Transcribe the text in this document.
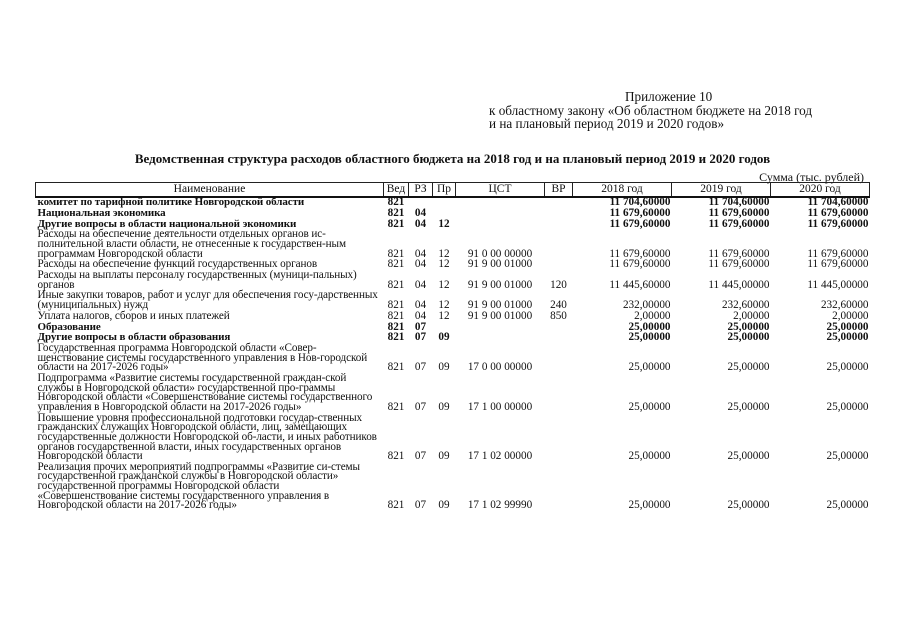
Приложение 10
к областному закону «Об областном бюджете на 2018 год
и на плановый период 2019 и 2020 годов»
Ведомственная структура расходов областного бюджета на 2018 год и на плановый период 2019 и 2020 годов
Сумма (тыс. рублей)
Наименование	Вед	РЗ	Пр	ЦСТ	ВР	2018 год	2019 год	2020 год
комитет по тарифной политике Новгородской области	821					11 704,60000	11 704,60000	11 704,60000
Национальная экономика	821	04				11 679,60000	11 679,60000	11 679,60000
Другие вопросы в области национальной экономики	821	04	12			11 679,60000	11 679,60000	11 679,60000
Расходы на обеспечение деятельности отдельных органов ис-полнительной власти области, не отнесенные к государствен-ным программам Новгородской области	821	04	12	91 0 00 00000		11 679,60000	11 679,60000	11 679,60000
Расходы на обеспечение функций государственных органов	821	04	12	91 9 00 01000		11 679,60000	11 679,60000	11 679,60000
Расходы на выплаты персоналу государственных (муници-пальных) органов	821	04	12	91 9 00 01000	120	11 445,60000	11 445,00000	11 445,00000
Иные закупки товаров, работ и услуг для обеспечения госу-дарственных (муниципальных) нужд	821	04	12	91 9 00 01000	240	232,00000	232,60000	232,60000
Уплата налогов, сборов и иных платежей	821	04	12	91 9 00 01000	850	2,00000	2,00000	2,00000
Образование	821	07				25,00000	25,00000	25,00000
Другие вопросы в области образования	821	07	09			25,00000	25,00000	25,00000
Государственная программа Новгородской области «Совер-шенствование системы государственного управления в Нов-городской области на 2017-2026 годы»	821	07	09	17 0 00 00000		25,00000	25,00000	25,00000
Подпрограмма «Развитие системы государственной граждан-ской службы в Новгородской области» государственной про-граммы Новгородской области «Совершенствование системы государственного управления в Новгородской области на 2017-2026 годы»	821	07	09	17 1 00 00000		25,00000	25,00000	25,00000
Повышение уровня профессиональной подготовки государ-ственных гражданских служащих Новгородской области, лиц, замещающих государственные должности Новгородской об-ласти, и иных работников органов государственной власти, иных государственных органов Новгородской области	821	07	09	17 1 02 00000		25,00000	25,00000	25,00000
Реализация прочих мероприятий подпрограммы «Развитие си-стемы государственной гражданской службы в Новгородской области» государственной программы Новгородской области «Совершенствование системы государственного управления в Новгородской области на 2017-2026 годы»	821	07	09	17 1 02 99990		25,00000	25,00000	25,00000
